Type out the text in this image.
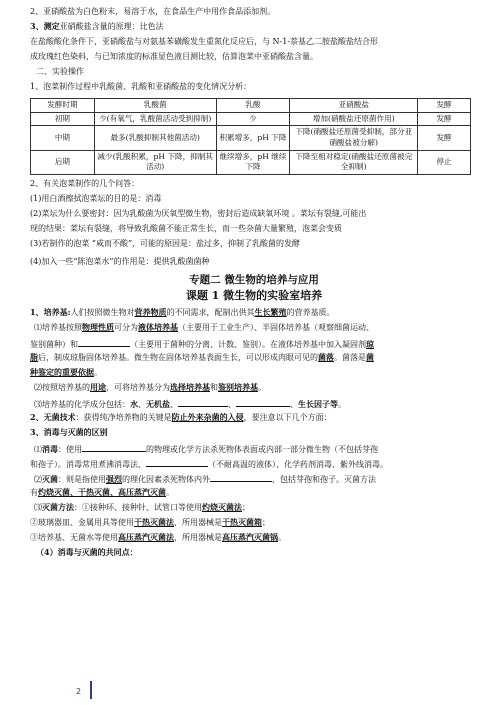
2、亚硝酸盐为白色粉末，易溶于水，在食品生产中用作食品添加剂。

3、测定亚硝酸盐含量的原理：比色法

在盐酸酸化条件下，亚硝酸盐与对氨基苯磺酸发生重氮化反应后，与 N-1-萘基乙二胺盐酸盐结合形

成玫瑰红色染料，与已知浓度的标准显色液目测比较，估算泡菜中亚硝酸盐含量。

二、实验操作

1、泡菜制作过程中乳酸菌、乳酸和亚硝酸盐的变化情况分析：

发酵时期	乳酸菌	乳酸	亚硝酸盐	发酵
初期	少(有氧气，乳酸菌活动受到抑制)	少	增加(硝酸盐还原菌作用)	发酵
中期	最多(乳酸抑制其他菌活动)	积累增多，pH 下降	下降(硝酸盐还原菌受抑制，部分亚硝酸盐被分解)	发酵
后期	减少(乳酸积累，pH 下降，抑制其活动)	继续增多，pH 继续下降	下降至相对稳定(硝酸盐还原菌被完全抑制)	停止

2、有关泡菜制作的几个问答：

(1)用白酒擦拭泡菜坛的目的是：消毒

(2)菜坛为什么要密封：因为乳酸菌为厌氧型微生物，密封后造成缺氧环境 。菜坛有裂缝,可能出

现的结果：菜坛有裂缝，将导致乳酸菌不能正常生长，而一些杂菌大量繁殖，泡菜会变质

(3)若制作的泡菜 “咸而不酸”，可能的原因是：盐过多，抑制了乳酸菌的发酵

(4)加入一些“陈泡菜水”的作用是：提供乳酸菌菌种

专题二 微生物的培养与应用
课题 1 微生物的实验室培养

1、培养基:人们按照微生物对营养物质的不同需求，配制出供其生长繁殖的营养基质。

⑴培养基按照物理性质可分为液体培养基（主要用于工业生产）、半固体培养基（观察细菌运动、

鉴别菌种）和	（主要用于菌种的分离、计数、鉴别）。在液体培养基中加入凝固剂琼

脂后，制成琼脂固体培养基。微生物在固体培养基表面生长，可以形成肉眼可见的菌落。菌落是菌

种鉴定的重要依据。

⑵按照培养基的用途，可将培养基分为选择培养基和鉴别培养基。

⑶培养基的化学成分包括：水、无机盐、	、	、生长因子等。

2、无菌技术：获得纯净培养物的关键是防止外来杂菌的入侵，要注意以下几个方面：

3、消毒与灭菌的区别

⑴消毒：使用	的物理或化学方法杀死物体表面或内部一部分微生物（不包括芽孢

和孢子）。消毒常用煮沸消毒法、	（不耐高温的液体）、化学药剂消毒、紫外线消毒。

⑵灭菌：则是指使用强烈的理化因素杀死物体内外	，包括芽孢和孢子。灭菌方法

有灼烧灭菌、干热灭菌、高压蒸汽灭菌。

⑶灭菌方法：①接种环、接种针、试管口等使用灼烧灭菌法；

②玻璃器皿、金属用具等使用干热灭菌法，所用器械是干热灭菌箱；

③培养基、无菌水等使用高压蒸汽灭菌法，所用器械是高压蒸汽灭菌锅。

（4）消毒与灭菌的共同点：

2
